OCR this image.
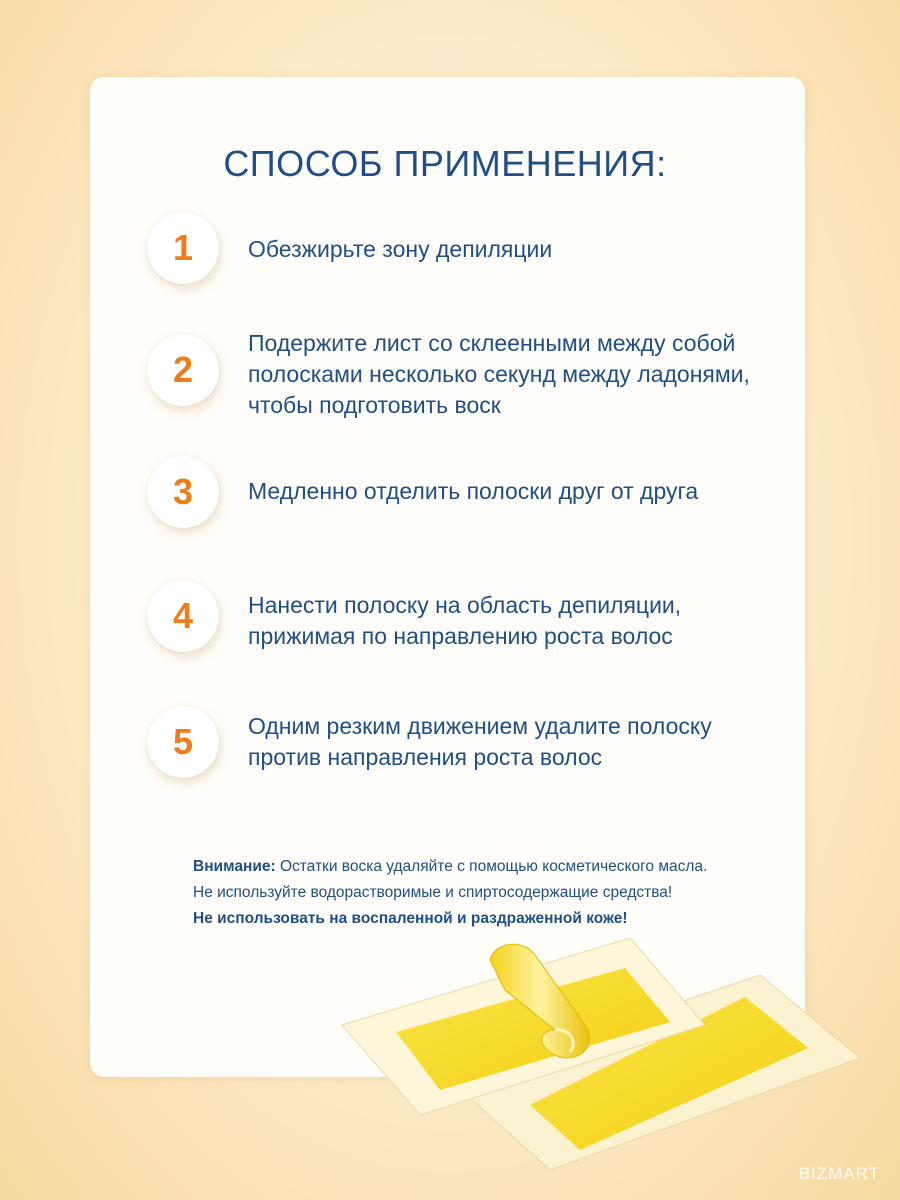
СПОСОБ ПРИМЕНЕНИЯ:
1	Обезжирьте зону депиляции
2
Подержите лист со склеенными между собой
полосками несколько секунд между ладонями,
чтобы подготовить воск
3	Медленно отделить полоски друг от друга
4	Нанести полоску на область депиляции,
прижимая по направлению роста волос
5	Одним резким движением удалите полоску
против направления роста волос
Внимание: Остатки воска удаляйте с помощью косметического масла.
Не используйте водорастворимые и спиртосодержащие средства!
Не использовать на воспаленной и раздраженной коже!
BIZMART
